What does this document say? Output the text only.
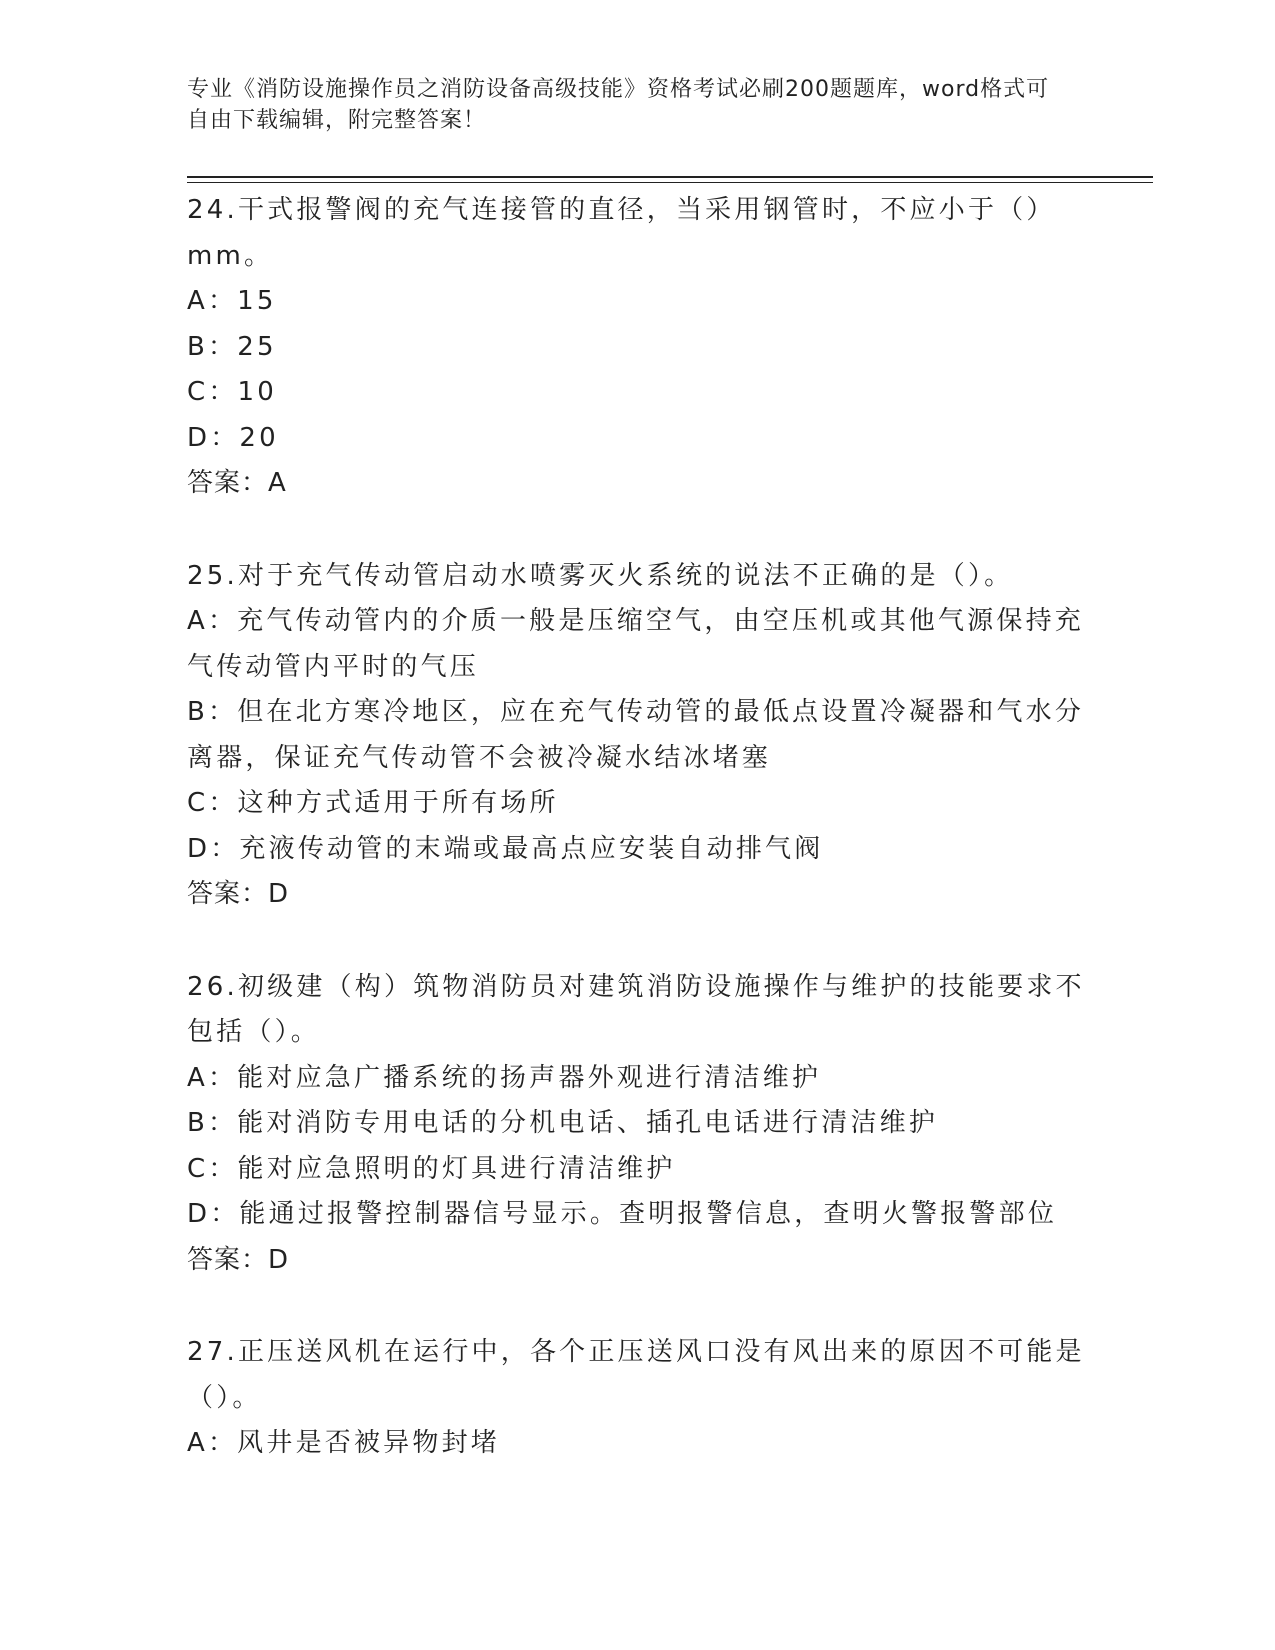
专业《消防设施操作员之消防设备高级技能》资格考试必刷200题题库，word格式可自由下载编辑，附完整答案！

24.干式报警阀的充气连接管的直径，当采用钢管时，不应小于（）mm。

A：15

B：25

C：10

D：20

答案：A

25.对于充气传动管启动水喷雾灭火系统的说法不正确的是（）。

A：充气传动管内的介质一般是压缩空气，由空压机或其他气源保持充气传动管内平时的气压

B：但在北方寒冷地区，应在充气传动管的最低点设置冷凝器和气水分离器，保证充气传动管不会被冷凝水结冰堵塞

C：这种方式适用于所有场所

D：充液传动管的末端或最高点应安装自动排气阀

答案：D

26.初级建（构）筑物消防员对建筑消防设施操作与维护的技能要求不包括（）。

A：能对应急广播系统的扬声器外观进行清洁维护

B：能对消防专用电话的分机电话、插孔电话进行清洁维护

C：能对应急照明的灯具进行清洁维护

D：能通过报警控制器信号显示。查明报警信息，查明火警报警部位

答案：D

27.正压送风机在运行中，各个正压送风口没有风出来的原因不可能是（）。

A：风井是否被异物封堵
